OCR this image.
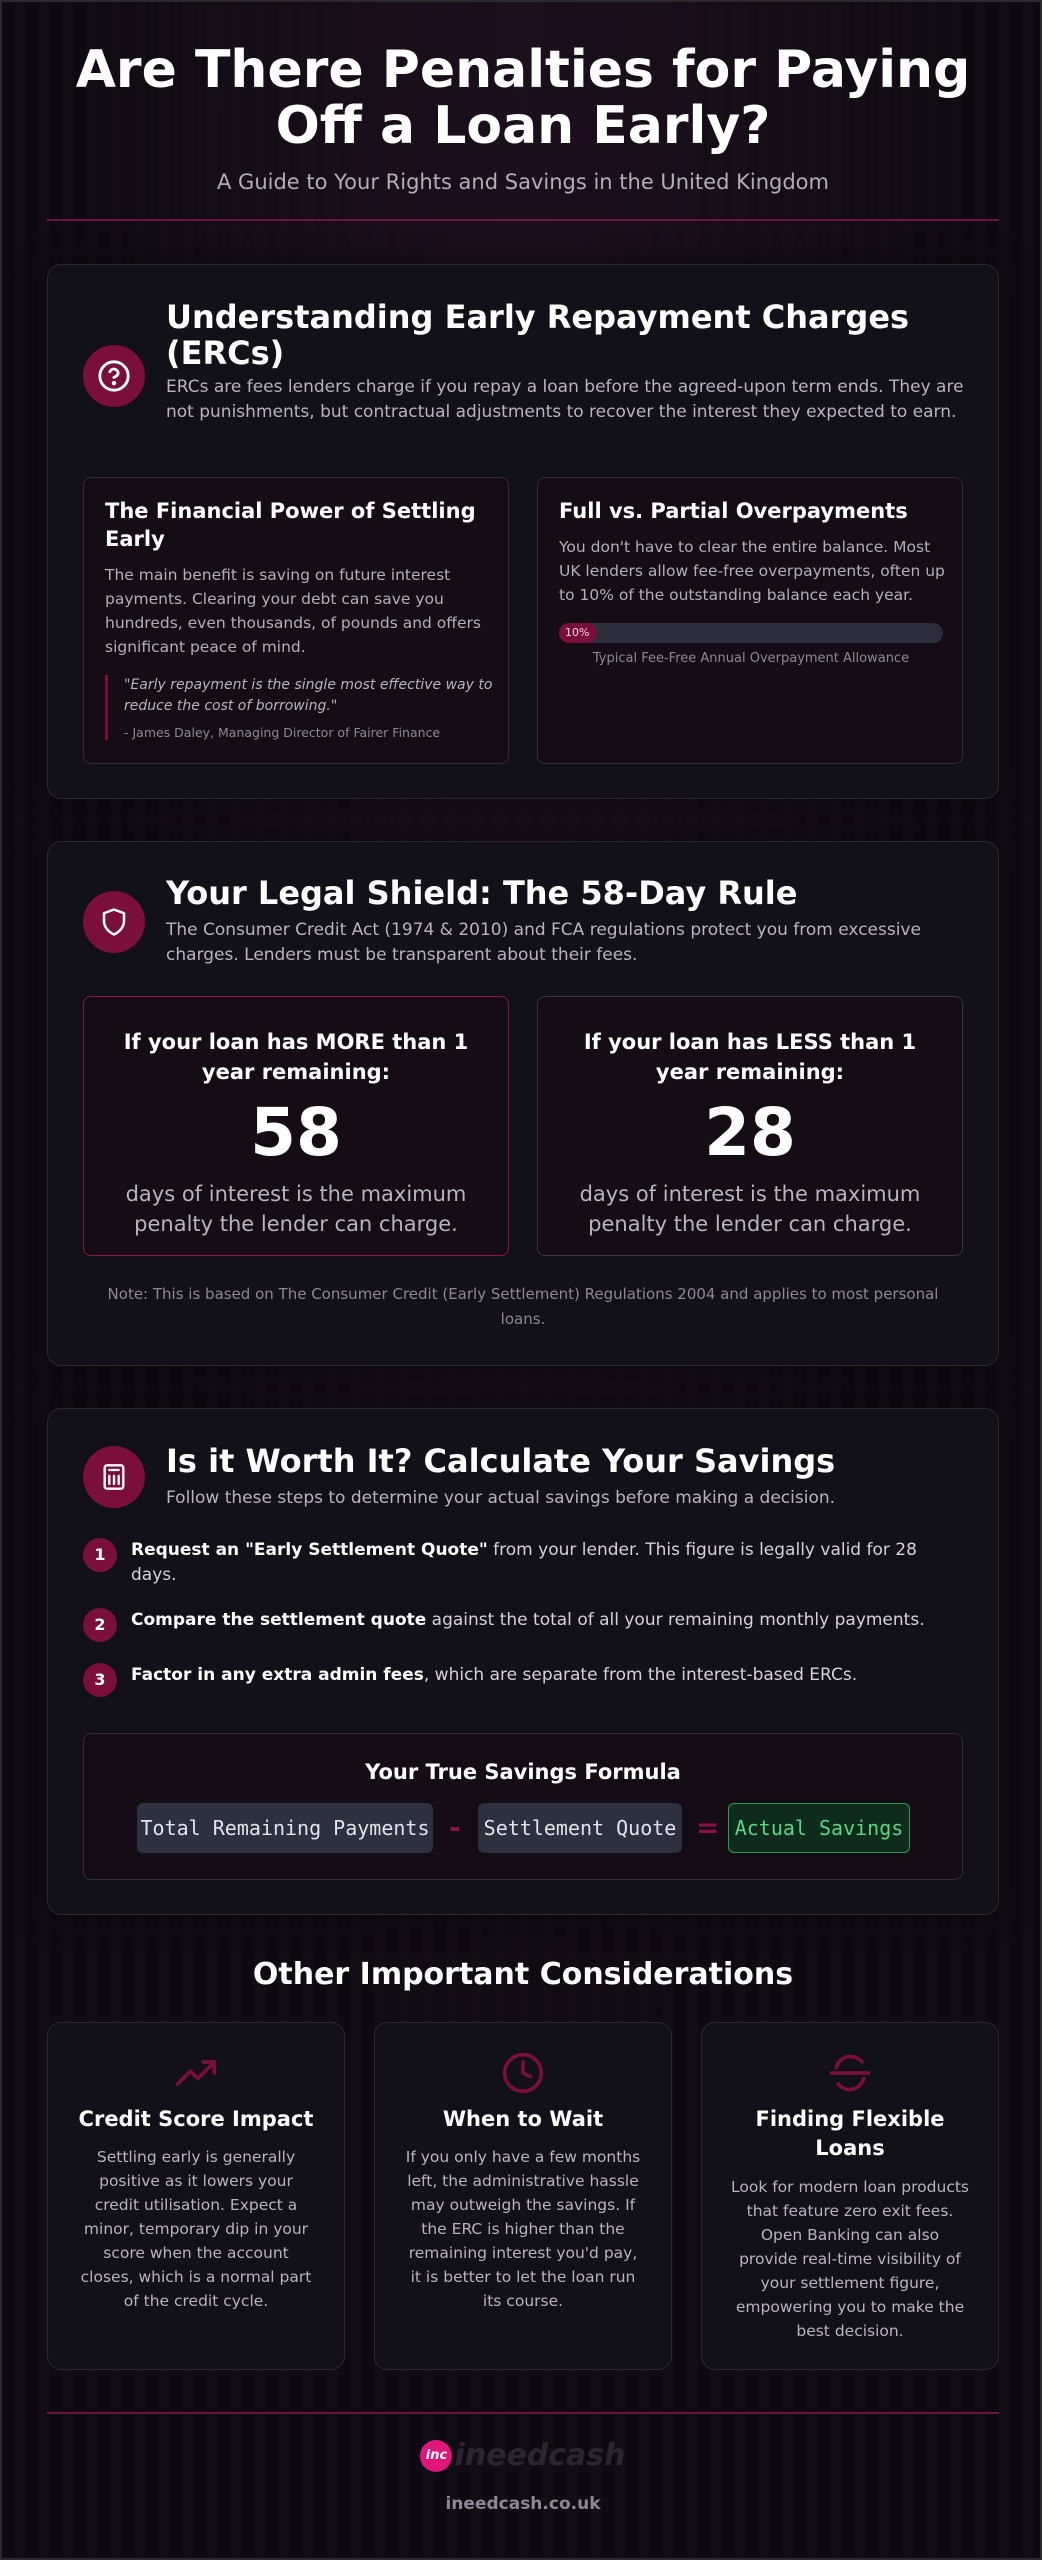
Are There Penalties for Paying Off a Loan Early?
A Guide to Your Rights and Savings in the United Kingdom
Understanding Early Repayment Charges (ERCs)
ERCs are fees lenders charge if you repay a loan before the agreed-upon term ends. They are not punishments, but contractual adjustments to recover the interest they expected to earn.
The Financial Power of Settling Early

The main benefit is saving on future interest payments. Clearing your debt can save you hundreds, even thousands, of pounds and offers significant peace of mind.

"Early repayment is the single most effective way to reduce the cost of borrowing."
- James Daley, Managing Director of Fairer Finance
Full vs. Partial Overpayments

You don't have to clear the entire balance. Most UK lenders allow fee-free overpayments, often up to 10% of the outstanding balance each year.

10%
Typical Fee-Free Annual Overpayment Allowance
Your Legal Shield: The 58-Day Rule
The Consumer Credit Act (1974 & 2010) and FCA regulations protect you from excessive charges. Lenders must be transparent about their fees.
If your loan has MORE than 1 year remaining:
58
days of interest is the maximum penalty the lender can charge.
If your loan has LESS than 1 year remaining:
28
days of interest is the maximum penalty the lender can charge.
Note: This is based on The Consumer Credit (Early Settlement) Regulations 2004 and applies to most personal loans.
Is it Worth It? Calculate Your Savings
Follow these steps to determine your actual savings before making a decision.
1	Request an "Early Settlement Quote" from your lender. This figure is legally valid for 28 days.
2	Compare the settlement quote against the total of all your remaining monthly payments.
3	Factor in any extra admin fees, which are separate from the interest-based ERCs.
Your True Savings Formula
Total Remaining Payments - Settlement Quote = Actual Savings
Other Important Considerations
Credit Score Impact

Settling early is generally positive as it lowers your credit utilisation. Expect a minor, temporary dip in your score when the account closes, which is a normal part of the credit cycle.

When to Wait

If you only have a few months left, the administrative hassle may outweigh the savings. If the ERC is higher than the remaining interest you'd pay, it is better to let the loan run its course.

Finding Flexible Loans

Look for modern loan products that feature zero exit fees. Open Banking can also provide real-time visibility of your settlement figure, empowering you to make the best decision.

inc ineedcash
ineedcash.co.uk
